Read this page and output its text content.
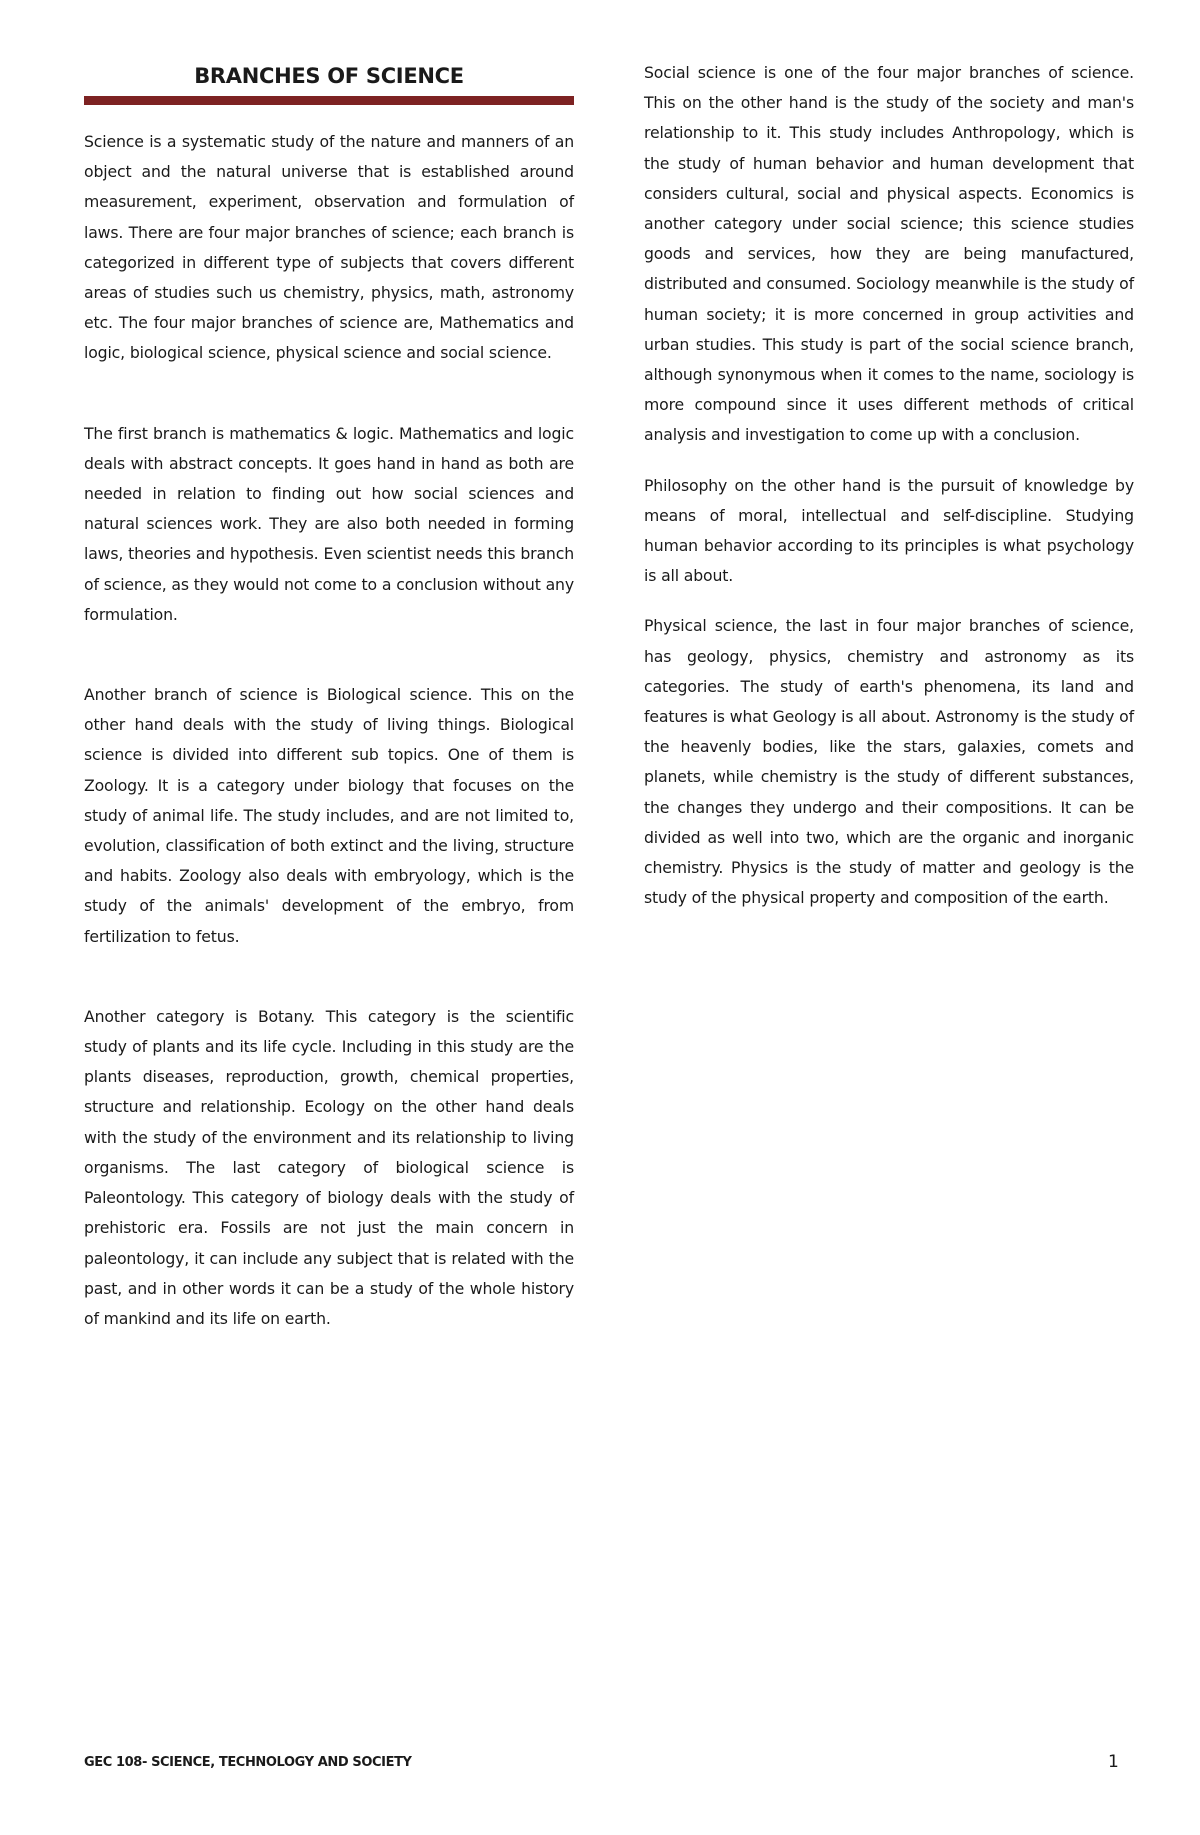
BRANCHES OF SCIENCE

Science is a systematic study of the nature and manners of an object and the natural universe that is established around measurement, experiment, observation and formulation of laws. There are four major branches of science; each branch is categorized in different type of subjects that covers different areas of studies such us chemistry, physics, math, astronomy etc. The four major branches of science are, Mathematics and logic, biological science, physical science and social science.

The first branch is mathematics & logic. Mathematics and logic deals with abstract concepts. It goes hand in hand as both are needed in relation to finding out how social sciences and natural sciences work. They are also both needed in forming laws, theories and hypothesis. Even scientist needs this branch of science, as they would not come to a conclusion without any formulation.

Another branch of science is Biological science. This on the other hand deals with the study of living things. Biological science is divided into different sub topics. One of them is Zoology. It is a category under biology that focuses on the study of animal life. The study includes, and are not limited to, evolution, classification of both extinct and the living, structure and habits. Zoology also deals with embryology, which is the study of the animals' development of the embryo, from fertilization to fetus.

Another category is Botany. This category is the scientific study of plants and its life cycle. Including in this study are the plants diseases, reproduction, growth, chemical properties, structure and relationship. Ecology on the other hand deals with the study of the environment and its relationship to living organisms. The last category of biological science is Paleontology. This category of biology deals with the study of prehistoric era. Fossils are not just the main concern in paleontology, it can include any subject that is related with the past, and in other words it can be a study of the whole history of mankind and its life on earth.

Social science is one of the four major branches of science. This on the other hand is the study of the society and man's relationship to it. This study includes Anthropology, which is the study of human behavior and human development that considers cultural, social and physical aspects. Economics is another category under social science; this science studies goods and services, how they are being manufactured, distributed and consumed. Sociology meanwhile is the study of human society; it is more concerned in group activities and urban studies. This study is part of the social science branch, although synonymous when it comes to the name, sociology is more compound since it uses different methods of critical analysis and investigation to come up with a conclusion.

Philosophy on the other hand is the pursuit of knowledge by means of moral, intellectual and self-discipline. Studying human behavior according to its principles is what psychology is all about.

Physical science, the last in four major branches of science, has geology, physics, chemistry and astronomy as its categories. The study of earth's phenomena, its land and features is what Geology is all about. Astronomy is the study of the heavenly bodies, like the stars, galaxies, comets and planets, while chemistry is the study of different substances, the changes they undergo and their compositions. It can be divided as well into two, which are the organic and inorganic chemistry. Physics is the study of matter and geology is the study of the physical property and composition of the earth.

GEC 108- SCIENCE, TECHNOLOGY AND SOCIETY	1
